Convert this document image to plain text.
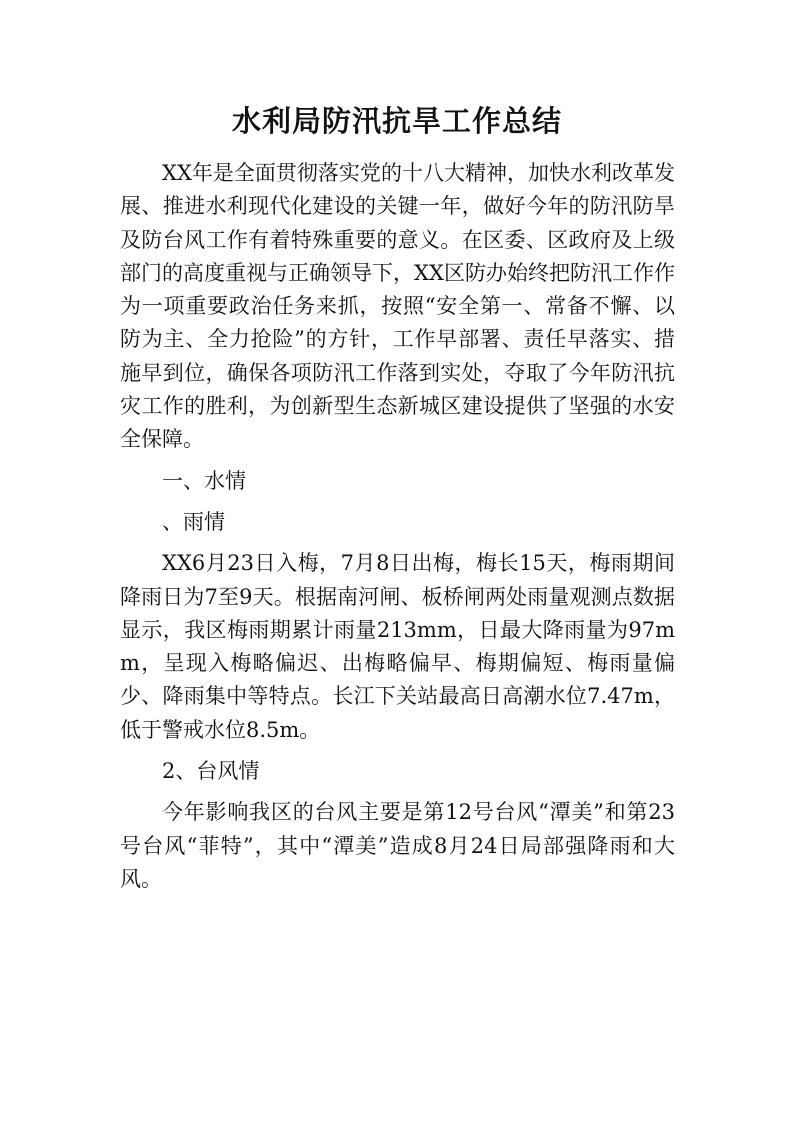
水利局防汛抗旱工作总结

XX年是全面贯彻落实党的十八大精神，加快水利改革发展、推进水利现代化建设的关键一年，做好今年的防汛防旱及防台风工作有着特殊重要的意义。在区委、区政府及上级部门的高度重视与正确领导下，XX区防办始终把防汛工作作为一项重要政治任务来抓，按照“安全第一、常备不懈、以防为主、全力抢险”的方针，工作早部署、责任早落实、措施早到位，确保各项防汛工作落到实处，夺取了今年防汛抗灾工作的胜利，为创新型生态新城区建设提供了坚强的水安全保障。

一、水情

、雨情

XX6月23日入梅，7月8日出梅，梅长15天，梅雨期间降雨日为7至9天。根据南河闸、板桥闸两处雨量观测点数据显示，我区梅雨期累计雨量213mm，日最大降雨量为97mm，呈现入梅略偏迟、出梅略偏早、梅期偏短、梅雨量偏少、降雨集中等特点。长江下关站最高日高潮水位7.47m，低于警戒水位8.5m。

2、台风情

今年影响我区的台风主要是第12号台风“潭美”和第23号台风“菲特”，其中“潭美”造成8月24日局部强降雨和大风。
